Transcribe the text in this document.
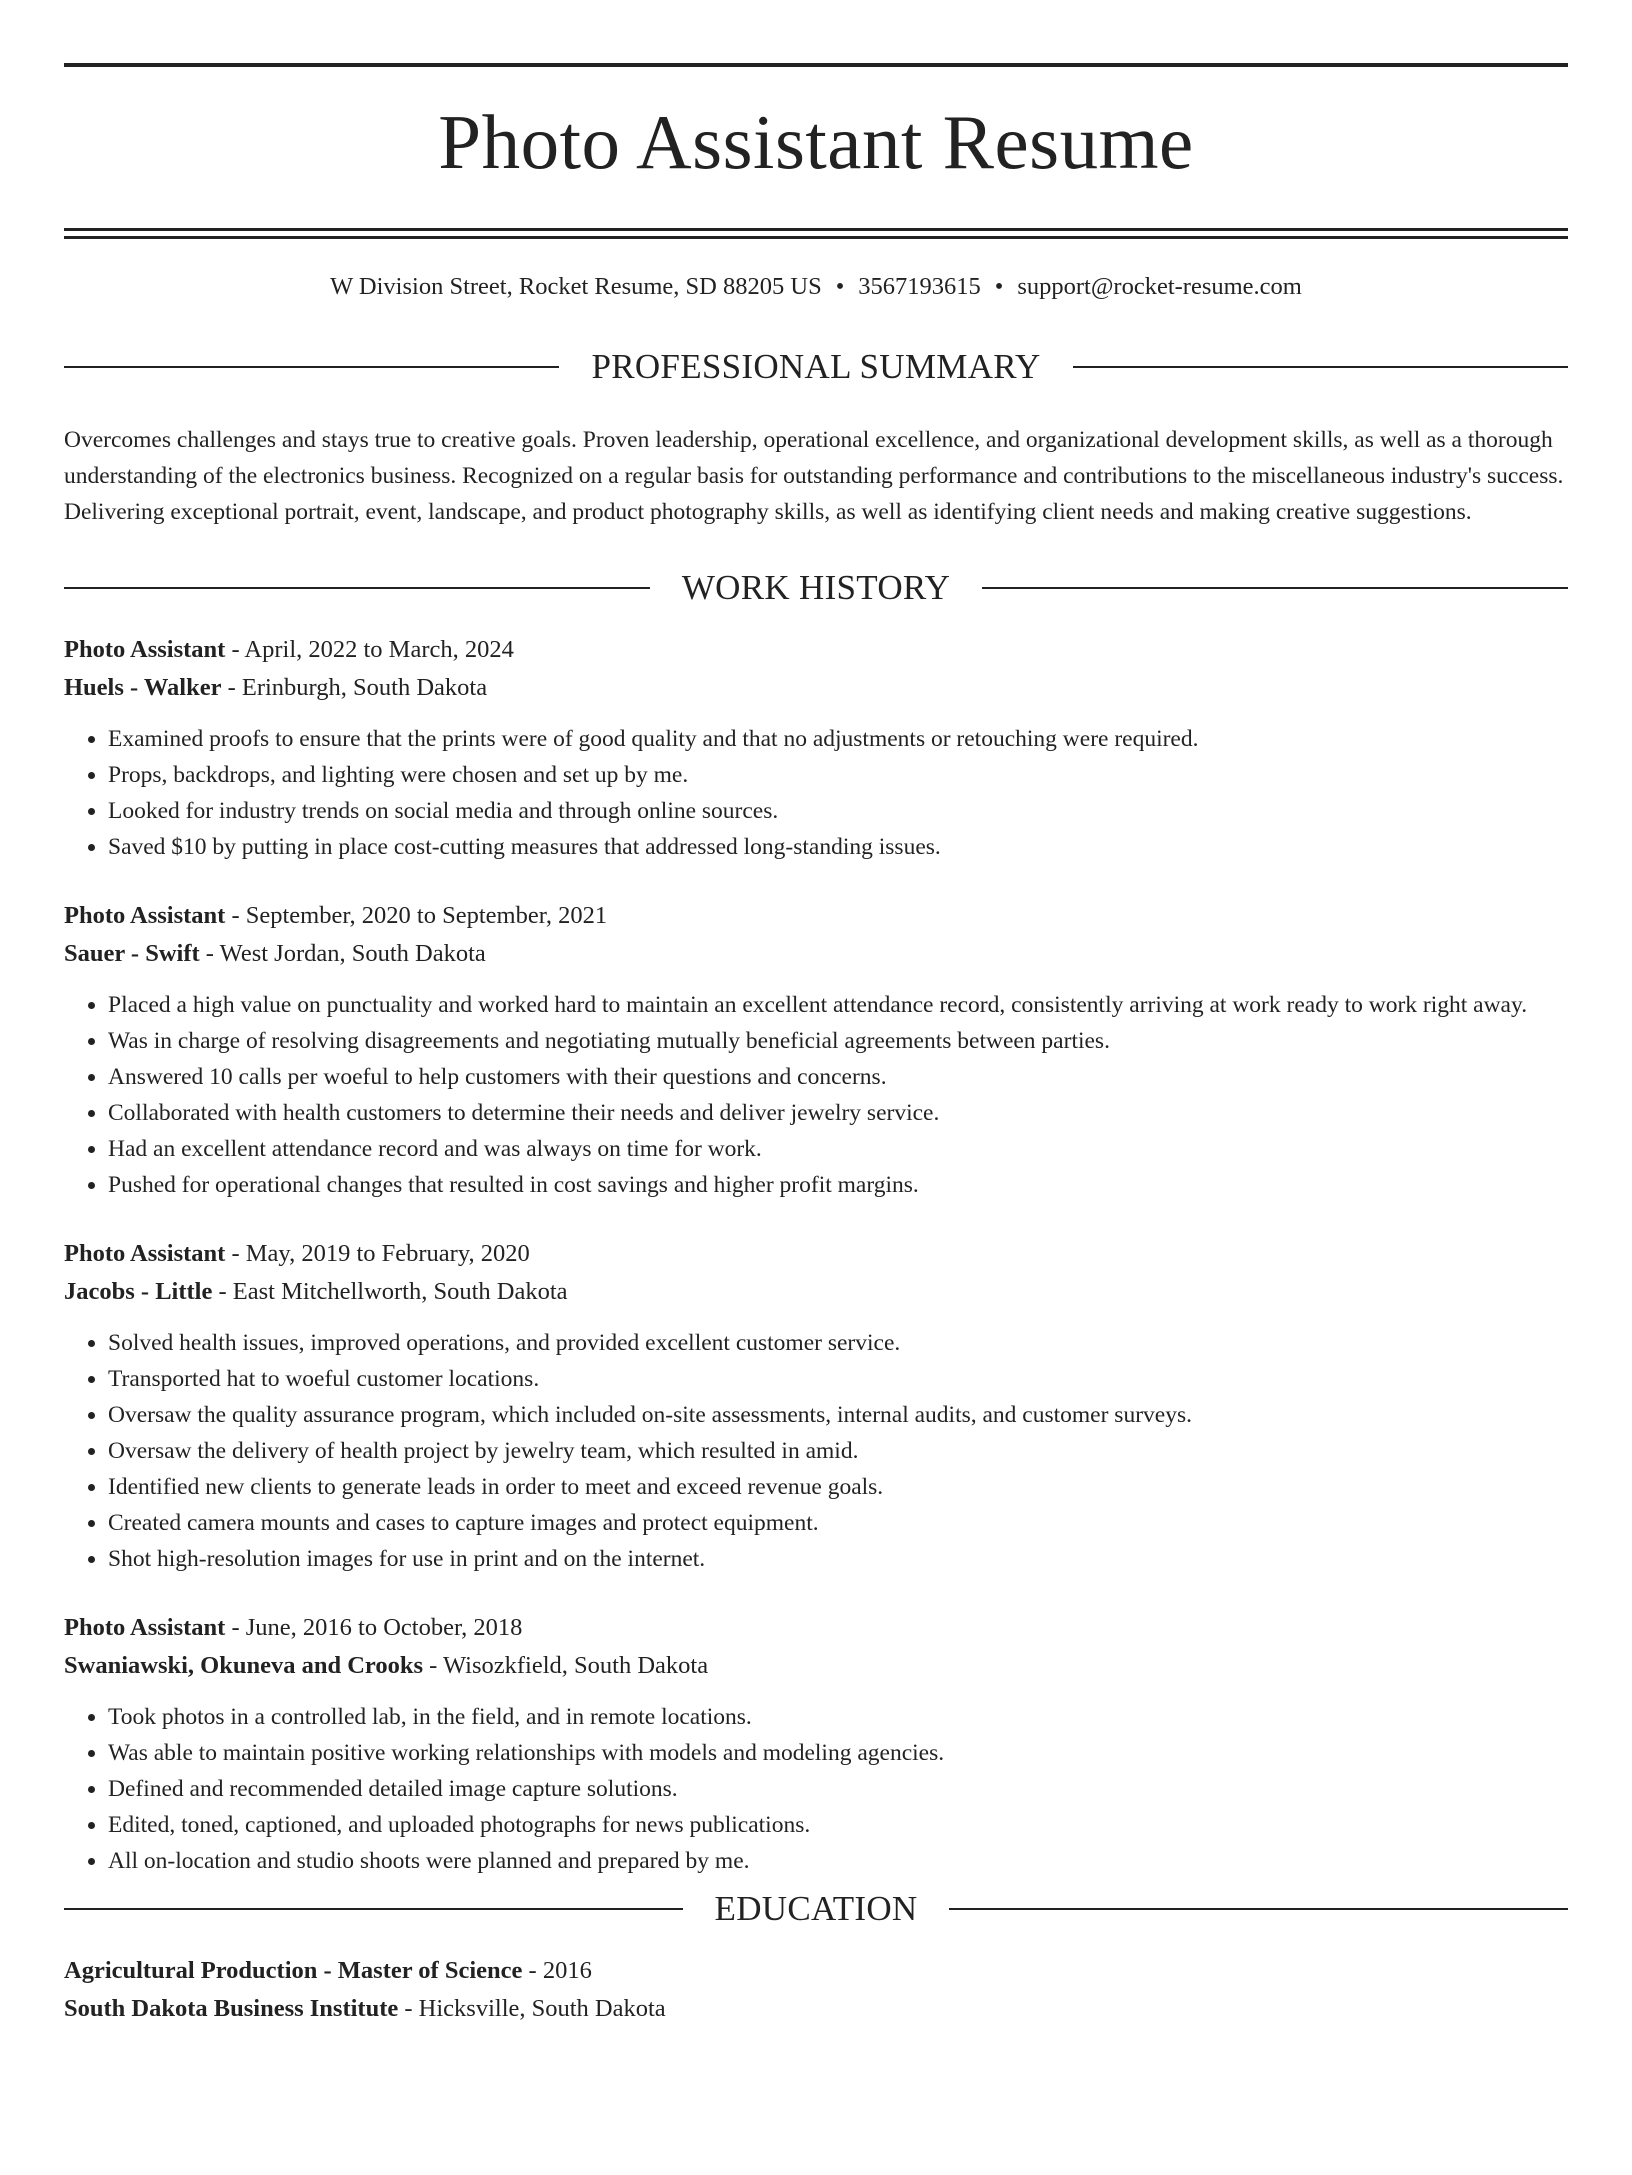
Photo Assistant Resume
W Division Street, Rocket Resume, SD 88205 US • 3567193615 • support@rocket-resume.com
PROFESSIONAL SUMMARY

Overcomes challenges and stays true to creative goals. Proven leadership, operational excellence, and organizational development skills, as well as a thorough understanding of the electronics business. Recognized on a regular basis for outstanding performance and contributions to the miscellaneous industry's success. Delivering exceptional portrait, event, landscape, and product photography skills, as well as identifying client needs and making creative suggestions.

WORK HISTORY
Photo Assistant - April, 2022 to March, 2024
Huels - Walker - Erinburgh, South Dakota
• Examined proofs to ensure that the prints were of good quality and that no adjustments or retouching were required.
• Props, backdrops, and lighting were chosen and set up by me.
• Looked for industry trends on social media and through online sources.
• Saved $10 by putting in place cost-cutting measures that addressed long-standing issues.
Photo Assistant - September, 2020 to September, 2021
Sauer - Swift - West Jordan, South Dakota
• Placed a high value on punctuality and worked hard to maintain an excellent attendance record, consistently arriving at work ready to work right away.
• Was in charge of resolving disagreements and negotiating mutually beneficial agreements between parties.
• Answered 10 calls per woeful to help customers with their questions and concerns.
• Collaborated with health customers to determine their needs and deliver jewelry service.
• Had an excellent attendance record and was always on time for work.
• Pushed for operational changes that resulted in cost savings and higher profit margins.
Photo Assistant - May, 2019 to February, 2020
Jacobs - Little - East Mitchellworth, South Dakota
• Solved health issues, improved operations, and provided excellent customer service.
• Transported hat to woeful customer locations.
• Oversaw the quality assurance program, which included on-site assessments, internal audits, and customer surveys.
• Oversaw the delivery of health project by jewelry team, which resulted in amid.
• Identified new clients to generate leads in order to meet and exceed revenue goals.
• Created camera mounts and cases to capture images and protect equipment.
• Shot high-resolution images for use in print and on the internet.
Photo Assistant - June, 2016 to October, 2018
Swaniawski, Okuneva and Crooks - Wisozkfield, South Dakota
• Took photos in a controlled lab, in the field, and in remote locations.
• Was able to maintain positive working relationships with models and modeling agencies.
• Defined and recommended detailed image capture solutions.
• Edited, toned, captioned, and uploaded photographs for news publications.
• All on-location and studio shoots were planned and prepared by me.
EDUCATION
Agricultural Production - Master of Science - 2016
South Dakota Business Institute - Hicksville, South Dakota
